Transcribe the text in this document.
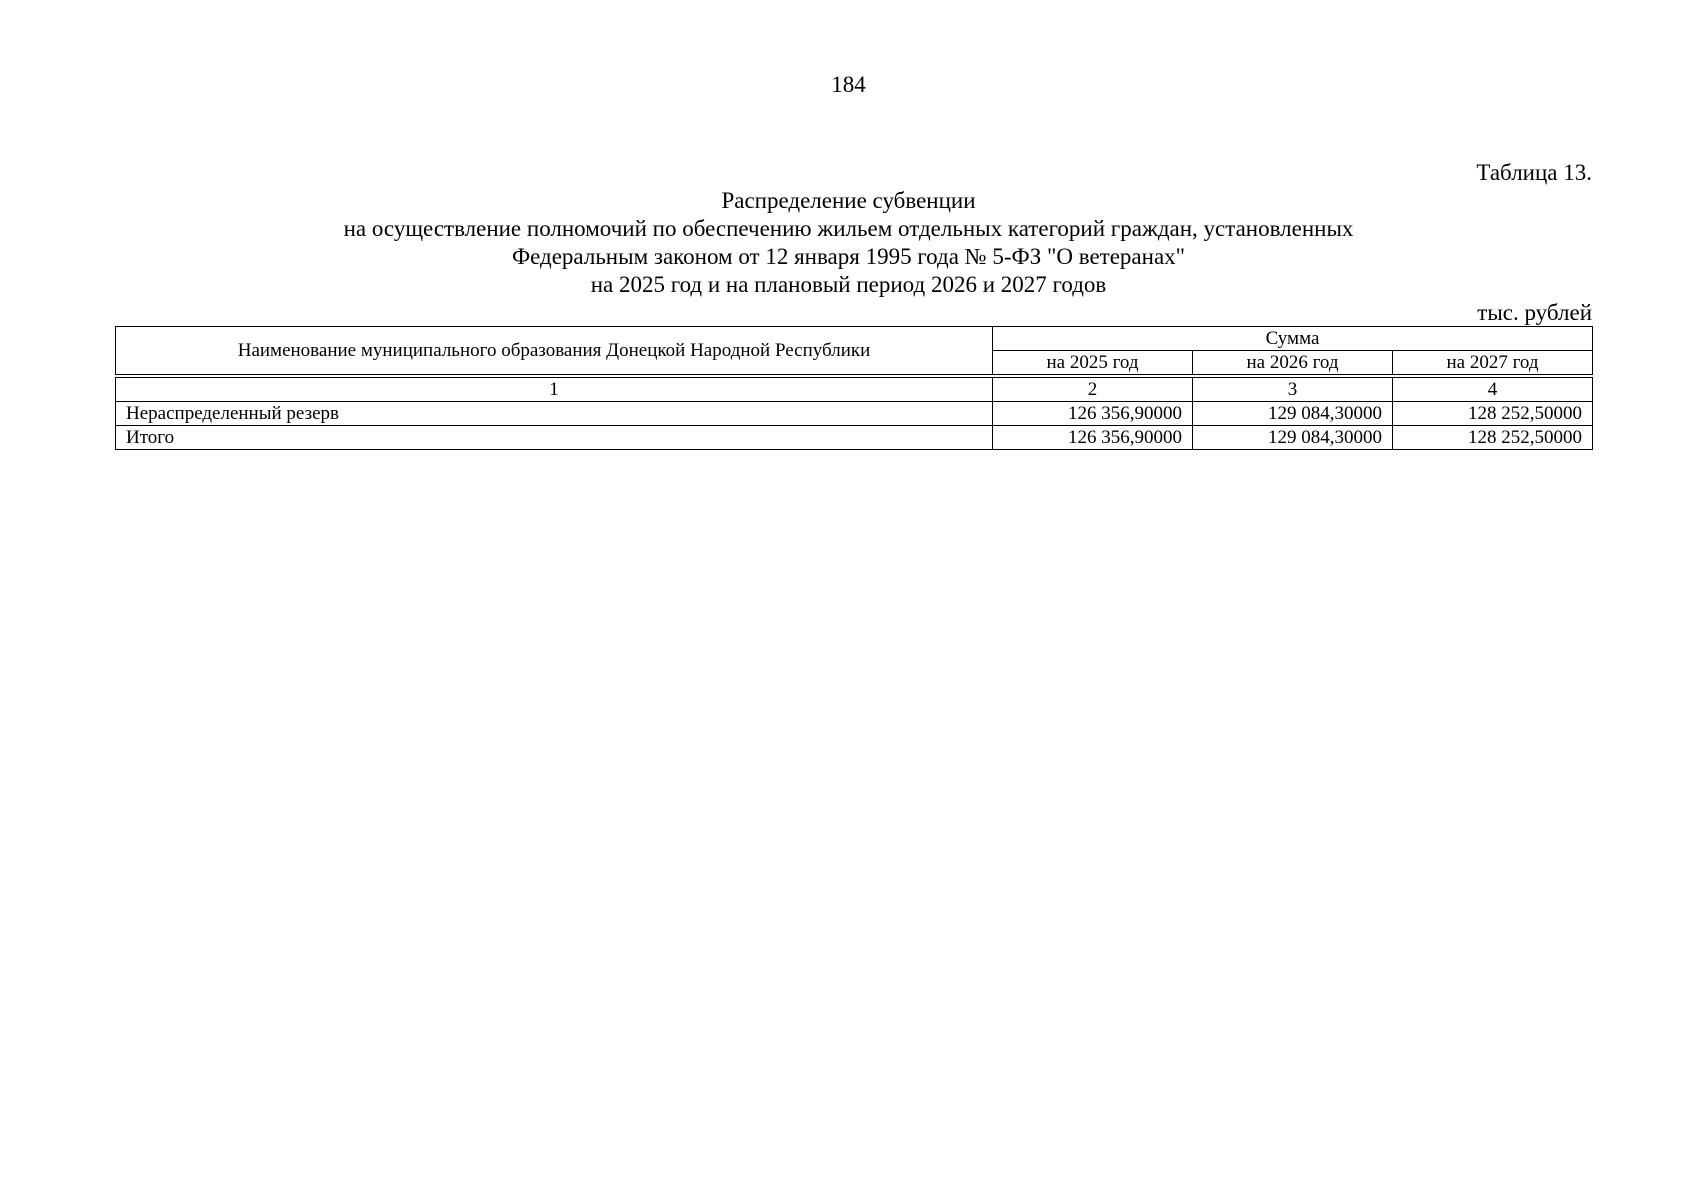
184
Таблица 13.
Распределение субвенции
на осуществление полномочий по обеспечению жильем отдельных категорий граждан, установленных
Федеральным законом от 12 января 1995 года № 5-ФЗ "О ветеранах"
на 2025 год и на плановый период 2026 и 2027 годов
тыс. рублей
Наименование муниципального образования Донецкой Народной Республики	Сумма		
	на 2025 год	на 2026 год	на 2027 год

1	2	3	4
Нераспределенный резерв	126 356,90000	129 084,30000	128 252,50000
Итого	126 356,90000	129 084,30000	128 252,50000
